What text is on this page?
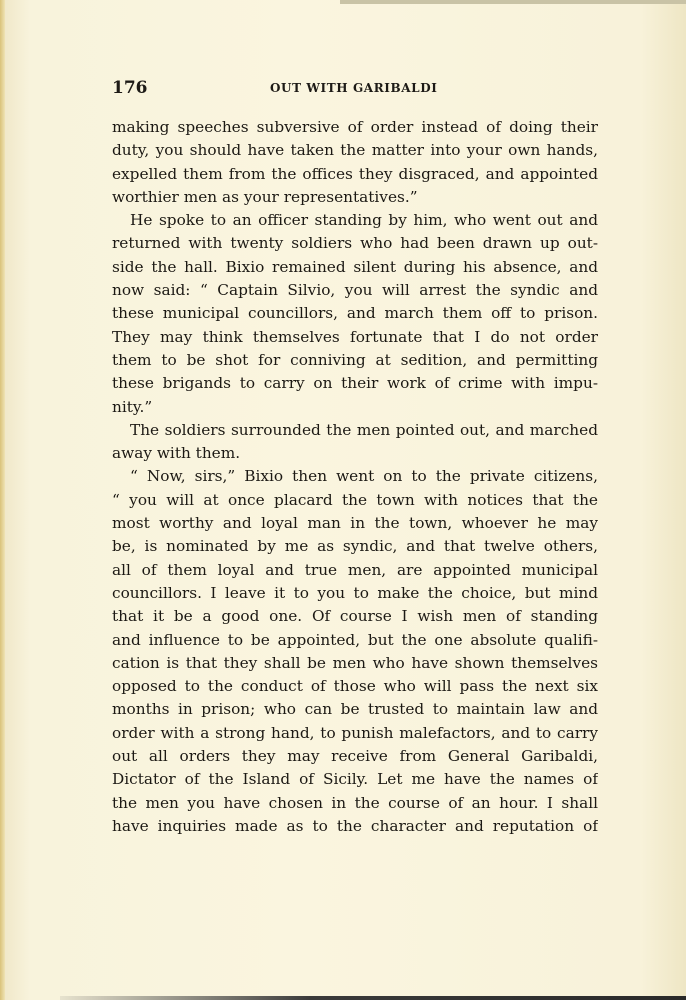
176	OUT WITH GARIBALDI
making speeches subversive of order instead of doing their
duty, you should have taken the matter into your own hands,
expelled them from the offices they disgraced, and appointed
worthier men as your representatives.”
He spoke to an officer standing by him, who went out and
returned with twenty soldiers who had been drawn up out-
side the hall. Bixio remained silent during his absence, and
now said: “ Captain Silvio, you will arrest the syndic and
these municipal councillors, and march them off to prison.
They may think themselves fortunate that I do not order
them to be shot for conniving at sedition, and permitting
these brigands to carry on their work of crime with impu-
nity.”
The soldiers surrounded the men pointed out, and marched
away with them.
“ Now, sirs,” Bixio then went on to the private citizens,
“ you will at once placard the town with notices that the
most worthy and loyal man in the town, whoever he may
be, is nominated by me as syndic, and that twelve others,
all of them loyal and true men, are appointed municipal
councillors. I leave it to you to make the choice, but mind
that it be a good one. Of course I wish men of standing
and influence to be appointed, but the one absolute qualifi-
cation is that they shall be men who have shown themselves
opposed to the conduct of those who will pass the next six
months in prison; who can be trusted to maintain law and
order with a strong hand, to punish malefactors, and to carry
out all orders they may receive from General Garibaldi,
Dictator of the Island of Sicily. Let me have the names of
the men you have chosen in the course of an hour. I shall
have inquiries made as to the character and reputation of
